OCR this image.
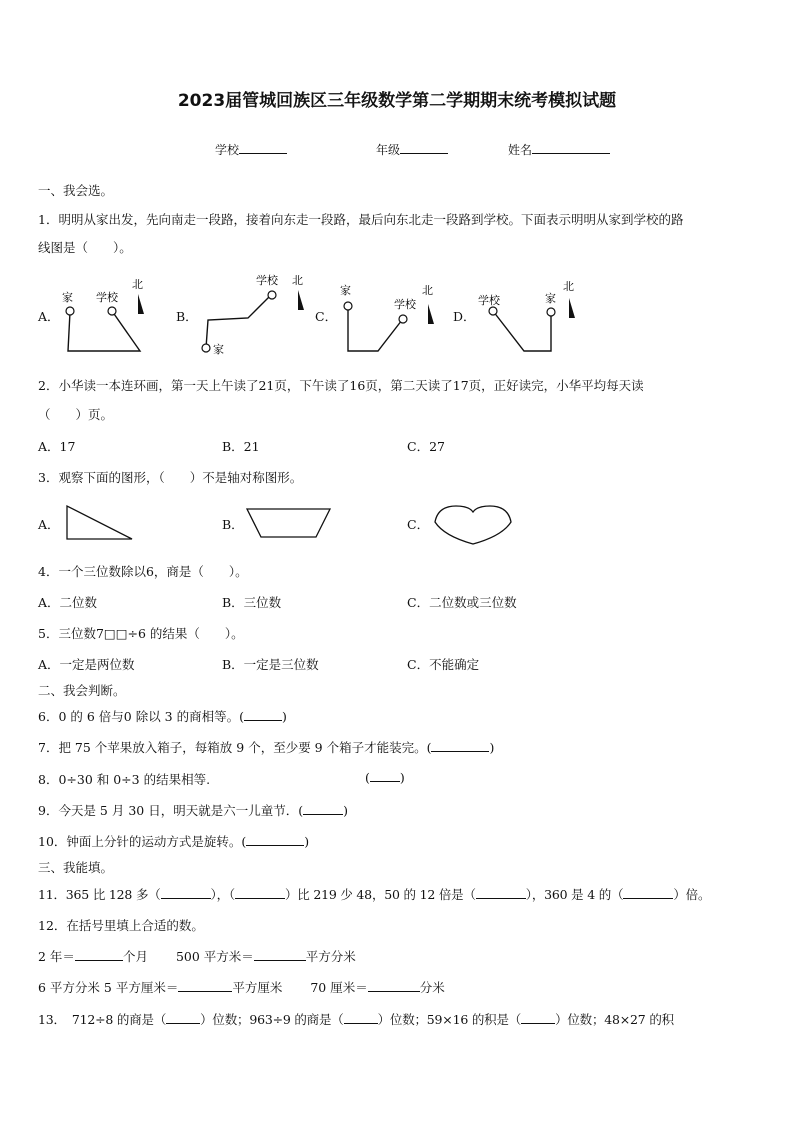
2023届管城回族区三年级数学第二学期期末统考模拟试题
学校	年级	姓名
一、我会选。
1．明明从家出发，先向南走一段路，接着向东走一段路，最后向东北走一段路到学校。下面表示明明从家到学校的路
线图是（　　）。
A．
家 学校
北
B．
学校 北
家
C．
家
学校
北
D．
学校	家
北
2．小华读一本连环画，第一天上午读了21页，下午读了16页，第二天读了17页，正好读完，小华平均每天读
（　　）页。
A．17	B．21	C．27
3．观察下面的图形，（　　）不是轴对称图形。
A．	B．	C．
4．一个三位数除以6，商是（　　）。
A．二位数	B．三位数	C．二位数或三位数
5．三位数7□□÷6 的结果（　　）。
A．一定是两位数	B．一定是三位数	C．不能确定
二、我会判断。
6．0 的 6 倍与0 除以 3 的商相等。(	)
7．把 75 个苹果放入箱子，每箱放 9 个，至少要 9 个箱子才能装完。(	)
8．0÷30 和 0÷3 的结果相等.	( )
9．今天是 5 月 30 日，明天就是六一儿童节．(	)
10．钟面上分针的运动方式是旋转。(	)
三、我能填。
11．365 比 128 多（	），（	）比 219 少 48，50 的 12 倍是（	），360 是 4 的（	）倍。
12．在括号里填上合适的数。
2 年＝	个月 500 平方米＝	平方分米
6 平方分米 5 平方厘米＝	平方厘米 70 厘米＝	分米
13．　712÷8 的商是（	）位数；963÷9 的商是（	）位数；59×16 的积是（	）位数；48×27 的积
